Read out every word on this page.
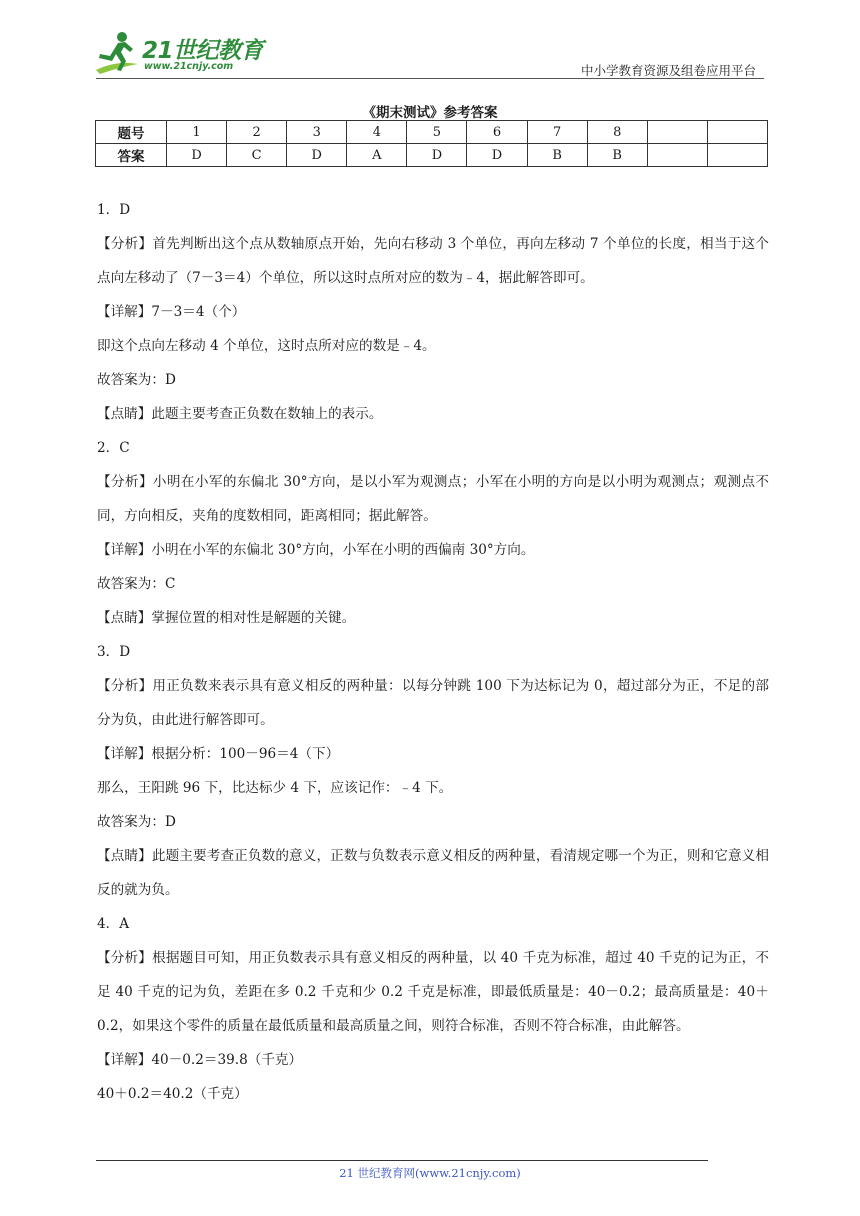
21世纪教育
www.21cnjy.com	中小学教育资源及组卷应用平台
《期末测试》参考答案
题号	1	2	3	4	5	6	7	8		
答案	D	C	D	A	D	D	B	B		

1．D

【分析】首先判断出这个点从数轴原点开始，先向右移动 3 个单位，再向左移动 7 个单位的长度，相当于这个点向左移动了（7－3＝4）个单位，所以这时点所对应的数为﹣4，据此解答即可。

【详解】7－3＝4（个）

即这个点向左移动 4 个单位，这时点所对应的数是﹣4。

故答案为：D

【点睛】此题主要考查正负数在数轴上的表示。

2．C

【分析】小明在小军的东偏北 30°方向，是以小军为观测点；小军在小明的方向是以小明为观测点；观测点不同，方向相反，夹角的度数相同，距离相同；据此解答。

【详解】小明在小军的东偏北 30°方向，小军在小明的西偏南 30°方向。

故答案为：C

【点睛】掌握位置的相对性是解题的关键。

3．D

【分析】用正负数来表示具有意义相反的两种量：以每分钟跳 100 下为达标记为 0，超过部分为正，不足的部分为负，由此进行解答即可。

【详解】根据分析：100－96＝4（下）

那么，王阳跳 96 下，比达标少 4 下，应该记作：﹣4 下。

故答案为：D

【点睛】此题主要考查正负数的意义，正数与负数表示意义相反的两种量，看清规定哪一个为正，则和它意义相反的就为负。

4．A

【分析】根据题目可知，用正负数表示具有意义相反的两种量，以 40 千克为标准，超过 40 千克的记为正，不足 40 千克的记为负，差距在多 0.2 千克和少 0.2 千克是标准，即最低质量是：40－0.2；最高质量是：40＋0.2，如果这个零件的质量在最低质量和最高质量之间，则符合标准，否则不符合标准，由此解答。

【详解】40－0.2＝39.8（千克）

40＋0.2＝40.2（千克）

21 世纪教育网(www.21cnjy.com)
